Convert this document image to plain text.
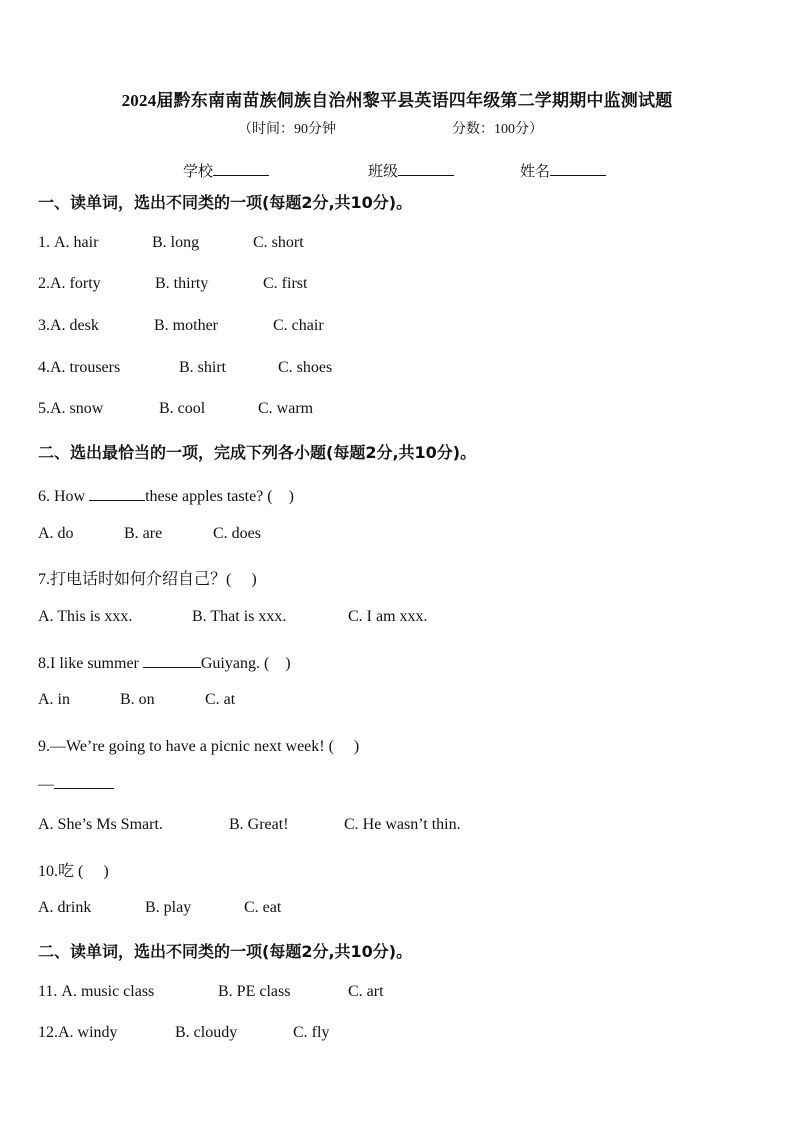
2024届黔东南南苗族侗族自治州黎平县英语四年级第二学期期中监测试题
（时间：90分钟	分数：100分）
学校	班级	姓名
一、读单词，选出不同类的一项(每题2分,共10分)。
1. A. hair	B. long	C. short
2.A. forty	B. thirty	C. first
3.A. desk	B. mother	C. chair
4.A. trousers	B. shirt	C. shoes
5.A. snow	B. cool	C. warm
二、选出最恰当的一项，完成下列各小题(每题2分,共10分)。
6. How	these apples taste? (　)
A. do	B. are	C. does
7.打电话时如何介绍自己？(　 )
A. This is xxx.	B. That is xxx.	C. I am xxx.
8.I like summer	Guiyang. (　)
A. in	B. on	C. at
9.—We’re going to have a picnic next week! (　 )
—
A. She’s Ms Smart.	B. Great!	C. He wasn’t thin.
10.吃 (　 )
A. drink	B. play	C. eat
二、读单词，选出不同类的一项(每题2分,共10分)。
11. A. music class	B. PE class	C. art
12.A. windy	B. cloudy	C. fly
